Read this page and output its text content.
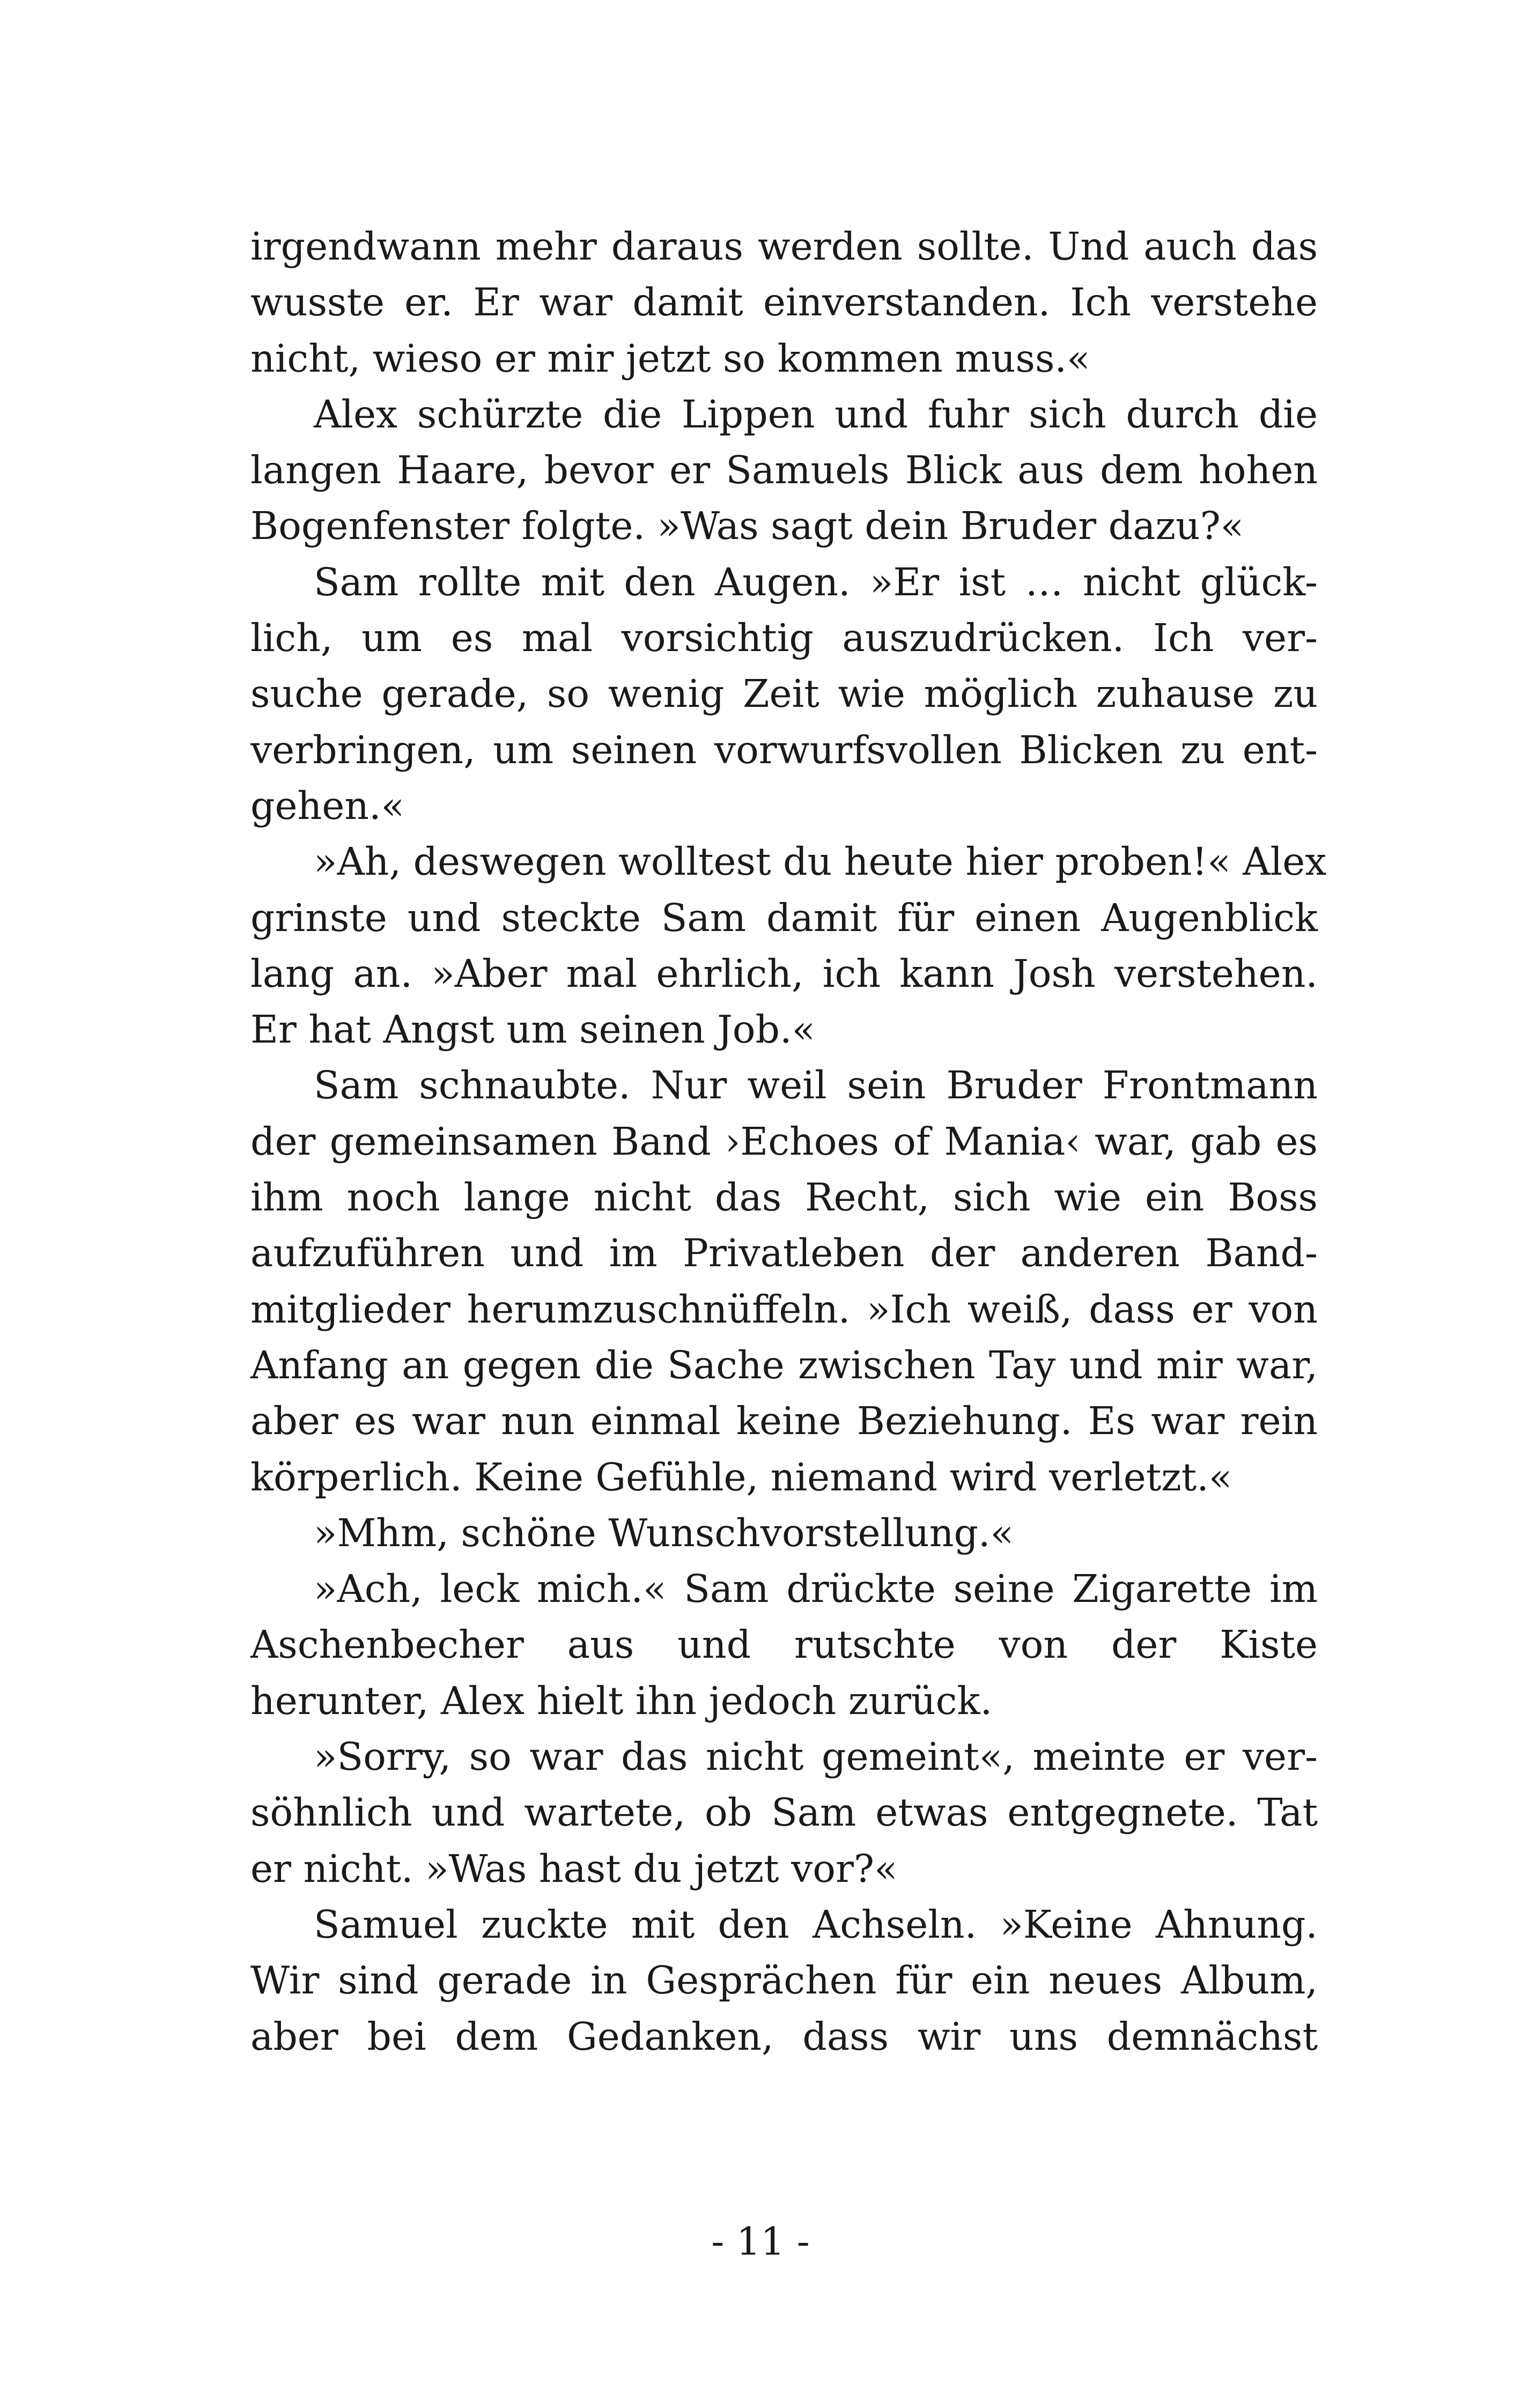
irgendwann mehr daraus werden sollte. Und auch das
wusste er. Er war damit einverstanden. Ich verstehe
nicht, wieso er mir jetzt so kommen muss.«
Alex schürzte die Lippen und fuhr sich durch die
langen Haare, bevor er Samuels Blick aus dem hohen
Bogenfenster folgte. »Was sagt dein Bruder dazu?«
Sam rollte mit den Augen. »Er ist … nicht glück-
lich, um es mal vorsichtig auszudrücken. Ich ver-
suche gerade, so wenig Zeit wie möglich zuhause zu
verbringen, um seinen vorwurfsvollen Blicken zu ent-
gehen.«
»Ah, deswegen wolltest du heute hier proben!« Alex
grinste und steckte Sam damit für einen Augenblick
lang an. »Aber mal ehrlich, ich kann Josh verstehen.
Er hat Angst um seinen Job.«
Sam schnaubte. Nur weil sein Bruder Frontmann
der gemeinsamen Band ›Echoes of Mania‹ war, gab es
ihm noch lange nicht das Recht, sich wie ein Boss
aufzuführen und im Privatleben der anderen Band-
mitglieder herumzuschnüffeln. »Ich weiß, dass er von
Anfang an gegen die Sache zwischen Tay und mir war,
aber es war nun einmal keine Beziehung. Es war rein
körperlich. Keine Gefühle, niemand wird verletzt.«
»Mhm, schöne Wunschvorstellung.«
»Ach, leck mich.« Sam drückte seine Zigarette im
Aschenbecher aus und rutschte von der Kiste
herunter, Alex hielt ihn jedoch zurück.
»Sorry, so war das nicht gemeint«, meinte er ver-
söhnlich und wartete, ob Sam etwas entgegnete. Tat
er nicht. »Was hast du jetzt vor?«
Samuel zuckte mit den Achseln. »Keine Ahnung.
Wir sind gerade in Gesprächen für ein neues Album,
aber bei dem Gedanken, dass wir uns demnächst
- 11 -
